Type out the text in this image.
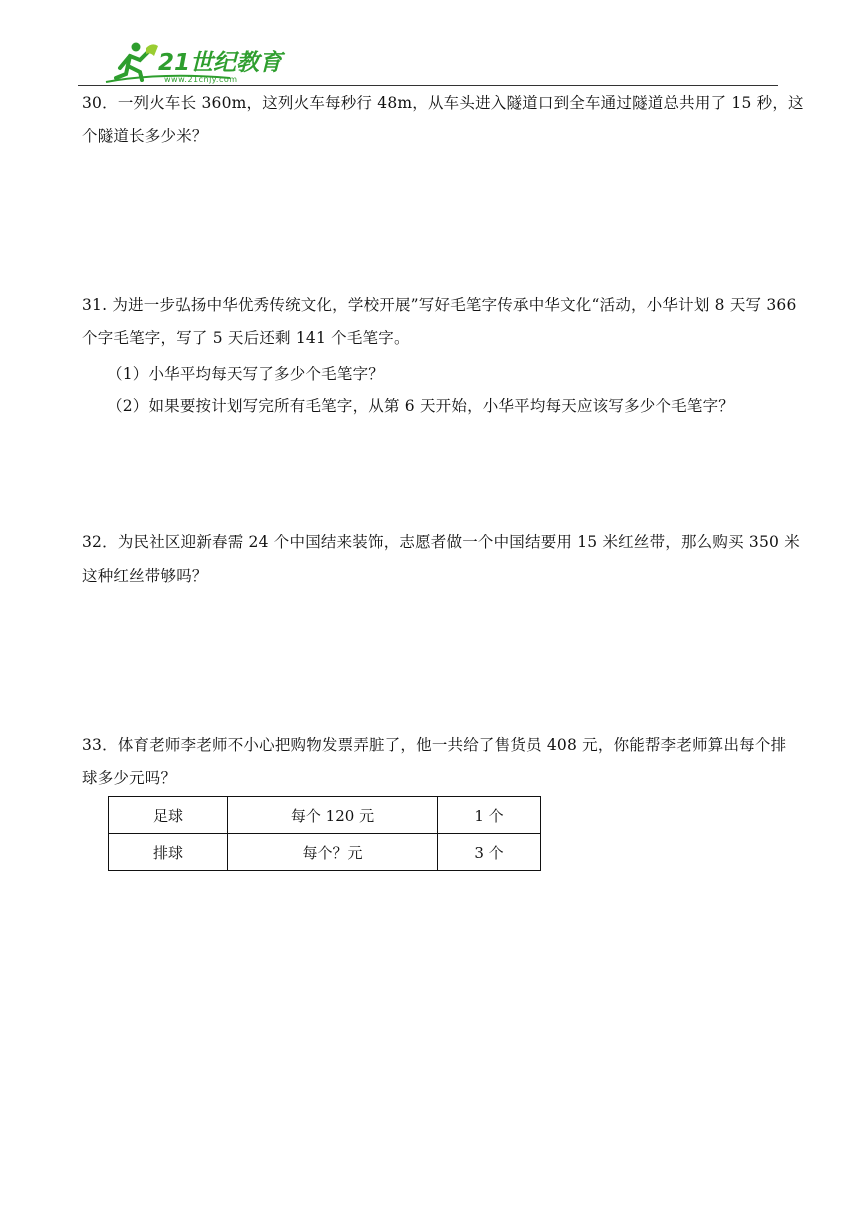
21世纪教育
www.21cnjy.com
30．一列火车长 360m，这列火车每秒行 48m，从车头进入隧道口到全车通过隧道总共用了 15 秒，这
个隧道长多少米？
31. 为进一步弘扬中华优秀传统文化，学校开展”写好毛笔字传承中华文化“活动，小华计划 8 天写 366
个字毛笔字，写了 5 天后还剩 141 个毛笔字。
（1）小华平均每天写了多少个毛笔字？
（2）如果要按计划写完所有毛笔字，从第 6 天开始，小华平均每天应该写多少个毛笔字？
32．为民社区迎新春需 24 个中国结来装饰，志愿者做一个中国结要用 15 米红丝带，那么购买 350 米
这种红丝带够吗？
33．体育老师李老师不小心把购物发票弄脏了，他一共给了售货员 408 元，你能帮李老师算出每个排
球多少元吗？
足球	每个 120 元	1 个
排球	每个？元	3 个
